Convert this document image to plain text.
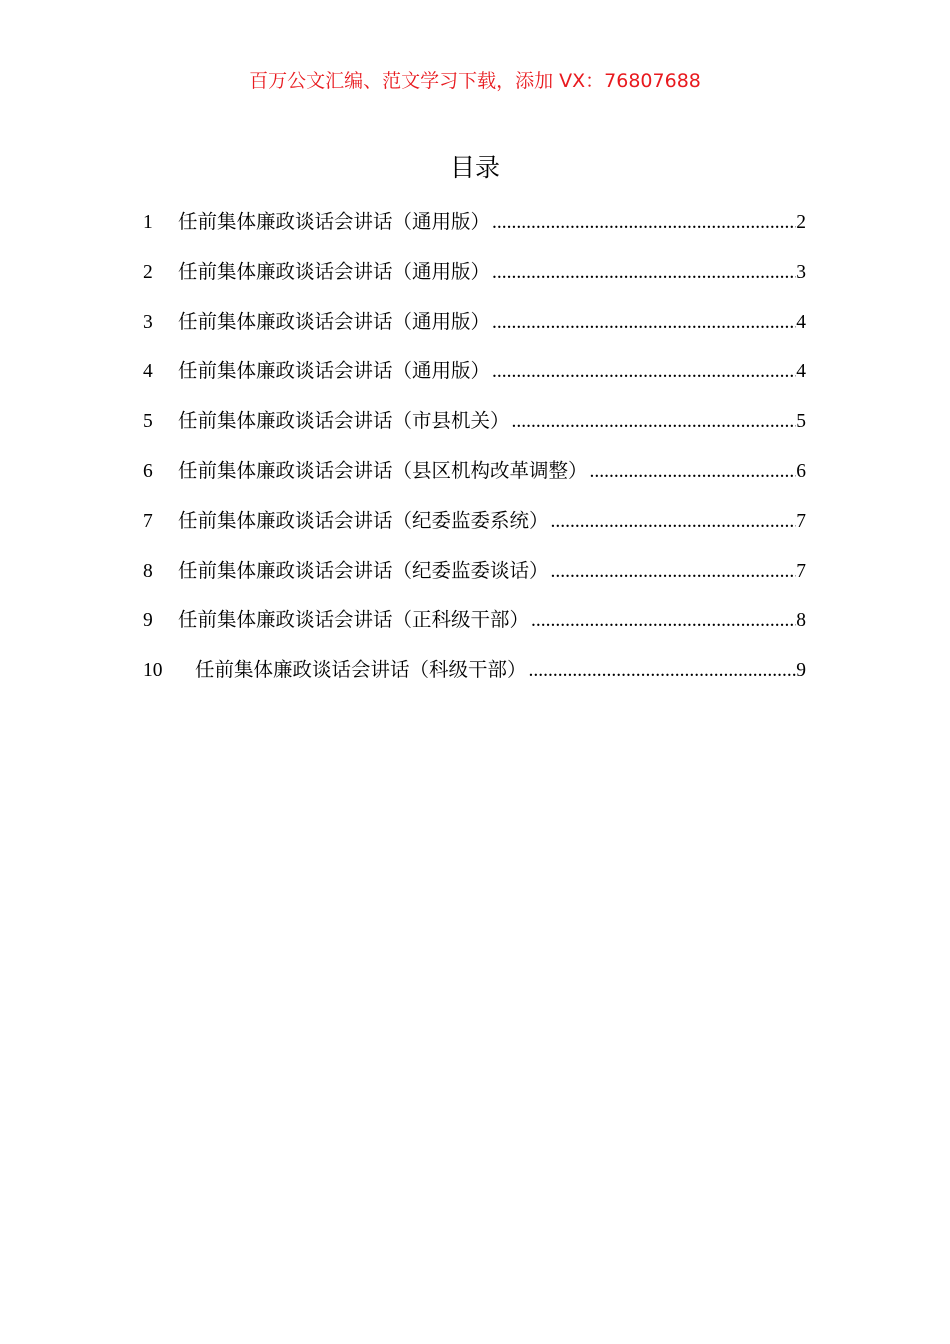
百万公文汇编、范文学习下载，添加 VX：76807688
目录
1	任前集体廉政谈话会讲话（通用版） .....	2
2	任前集体廉政谈话会讲话（通用版） .....	3
3	任前集体廉政谈话会讲话（通用版） .....	4
4	任前集体廉政谈话会讲话（通用版） .....	4
5	任前集体廉政谈话会讲话（市县机关） .....	5
6	任前集体廉政谈话会讲话（县区机构改革调整） .....	6
7	任前集体廉政谈话会讲话（纪委监委系统） .....	7
8	任前集体廉政谈话会讲话（纪委监委谈话） .....	7
9	任前集体廉政谈话会讲话（正科级干部） .....	8
10	任前集体廉政谈话会讲话（科级干部） .....	9
